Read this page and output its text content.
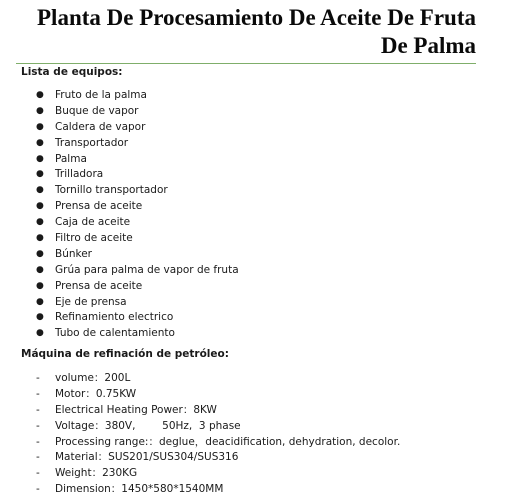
Planta De Procesamiento De Aceite De Fruta
De Palma
Lista de equipos:
● Fruto de la palma
● Buque de vapor
● Caldera de vapor
● Transportador
● Palma
● Trilladora
● Tornillo transportador
● Prensa de aceite
● Caja de aceite
● Filtro de aceite
● Búnker
● Grúa para palma de vapor de fruta
● Prensa de aceite
● Eje de prensa
● Refinamiento electrico
● Tubo de calentamiento
Máquina de refinación de petróleo:
- volume：200L
- Motor：0.75KW
- Electrical Heating Power：8KW
- Voltage：380V,        50Hz,  3 phase
- Processing range:：deglue，deacidification, dehydration, decolor.
- Material：SUS201/SUS304/SUS316
- Weight：230KG
- Dimension：1450*580*1540MM
